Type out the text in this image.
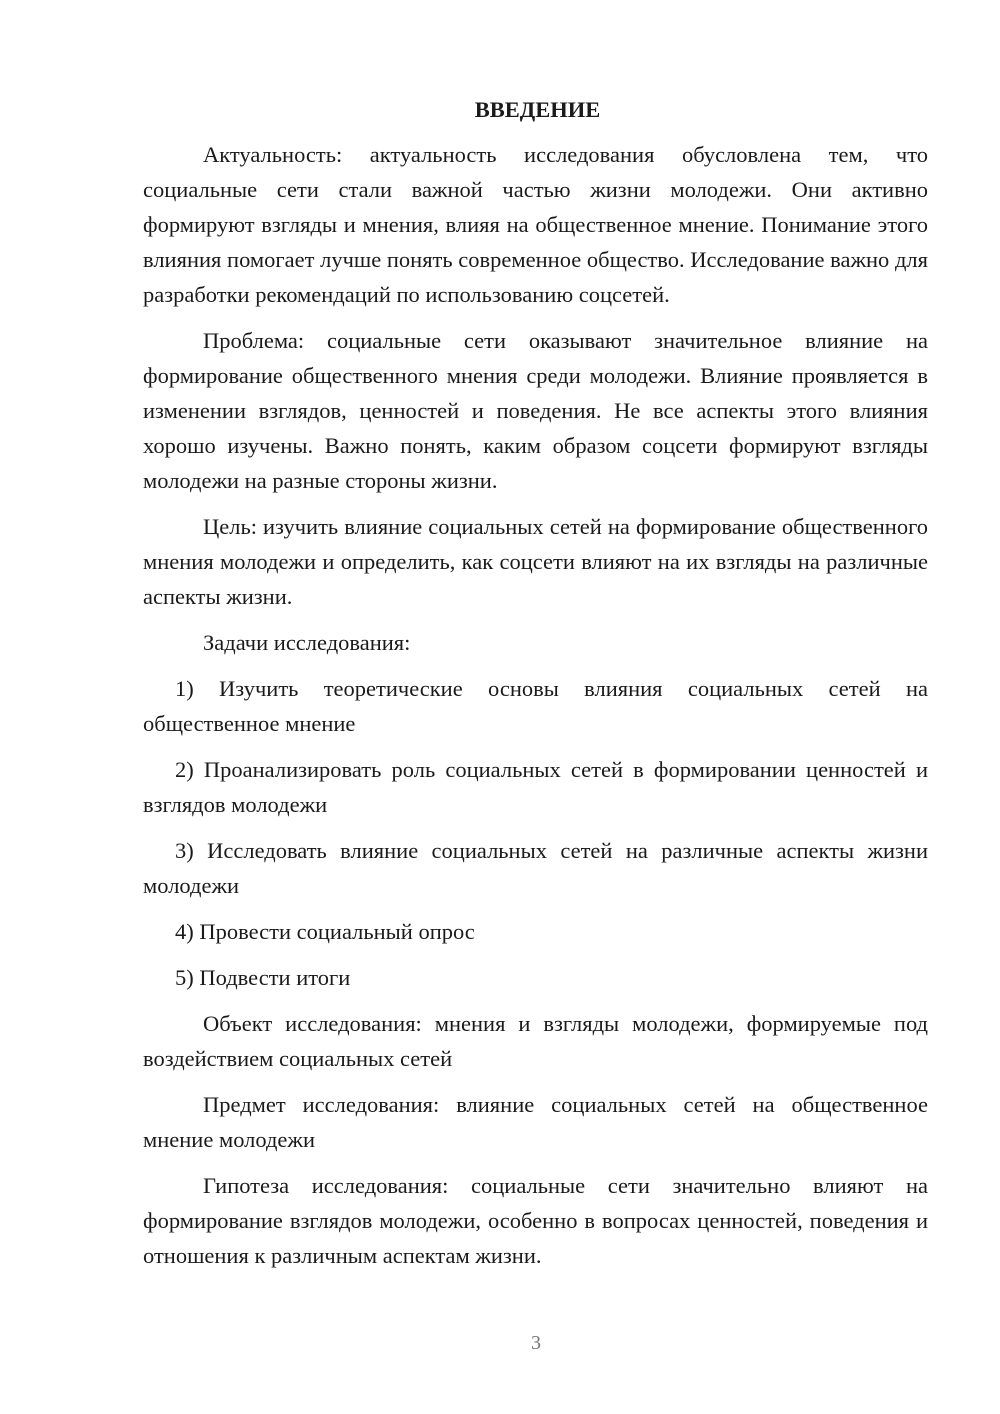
ВВЕДЕНИЕ

Актуальность: актуальность исследования обусловлена тем, что социальные сети стали важной частью жизни молодежи. Они активно формируют взгляды и мнения, влияя на общественное мнение. Понимание этого влияния помогает лучше понять современное общество. Исследование важно для разработки рекомендаций по использованию соцсетей.

Проблема: социальные сети оказывают значительное влияние на формирование общественного мнения среди молодежи. Влияние проявляется в изменении взглядов, ценностей и поведения. Не все аспекты этого влияния хорошо изучены. Важно понять, каким образом соцсети формируют взгляды молодежи на разные стороны жизни.

Цель: изучить влияние социальных сетей на формирование общественного мнения молодежи и определить, как соцсети влияют на их взгляды на различные аспекты жизни.

Задачи исследования:

1) Изучить теоретические основы влияния социальных сетей на общественное мнение

2) Проанализировать роль социальных сетей в формировании ценностей и взглядов молодежи

3) Исследовать влияние социальных сетей на различные аспекты жизни молодежи

4) Провести социальный опрос

5) Подвести итоги

Объект исследования: мнения и взгляды молодежи, формируемые под воздействием социальных сетей

Предмет исследования: влияние социальных сетей на общественное мнение молодежи

Гипотеза исследования: социальные сети значительно влияют на формирование взглядов молодежи, особенно в вопросах ценностей, поведения и отношения к различным аспектам жизни.

3
